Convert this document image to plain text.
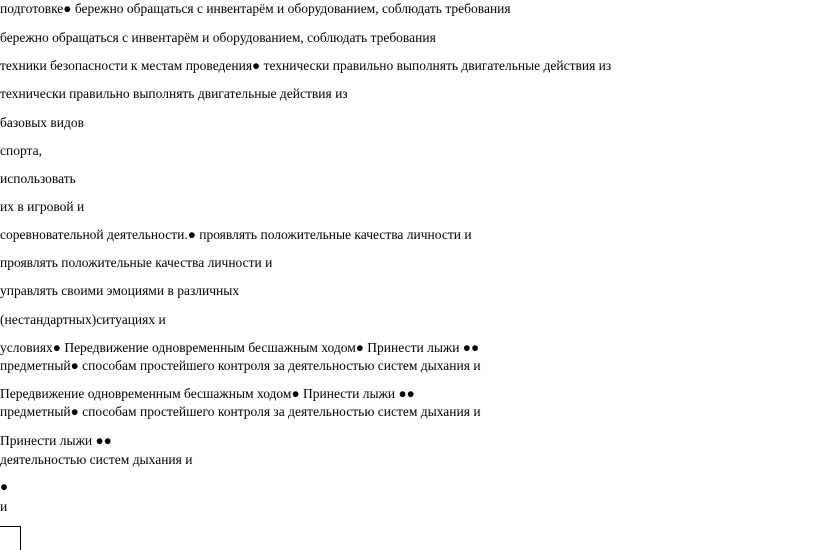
подготовке● бережно обращаться с инвентарём и оборудованием, соблюдать требования
бережно обращаться с инвентарём и оборудованием, соблюдать требования
техники безопасности к местам проведения● технически правильно выполнять двигательные действия из
технически правильно выполнять двигательные действия из
базовых видов
спорта,
использовать
их в игровой и
соревновательной деятельности.● проявлять положительные качества личности и
проявлять положительные качества личности и
управлять своими эмоциями в различных
(нестандартных)ситуациях и
условиях● Передвижение одновременным бесшажным ходом● Принести лыжи ●●
предметный● способам простейшего контроля за деятельностью систем дыхания и
Передвижение одновременным бесшажным ходом● Принести лыжи ●●
предметный● способам простейшего контроля за деятельностью систем дыхания и
Принести лыжи ●●
деятельностью систем дыхания и
●
и
